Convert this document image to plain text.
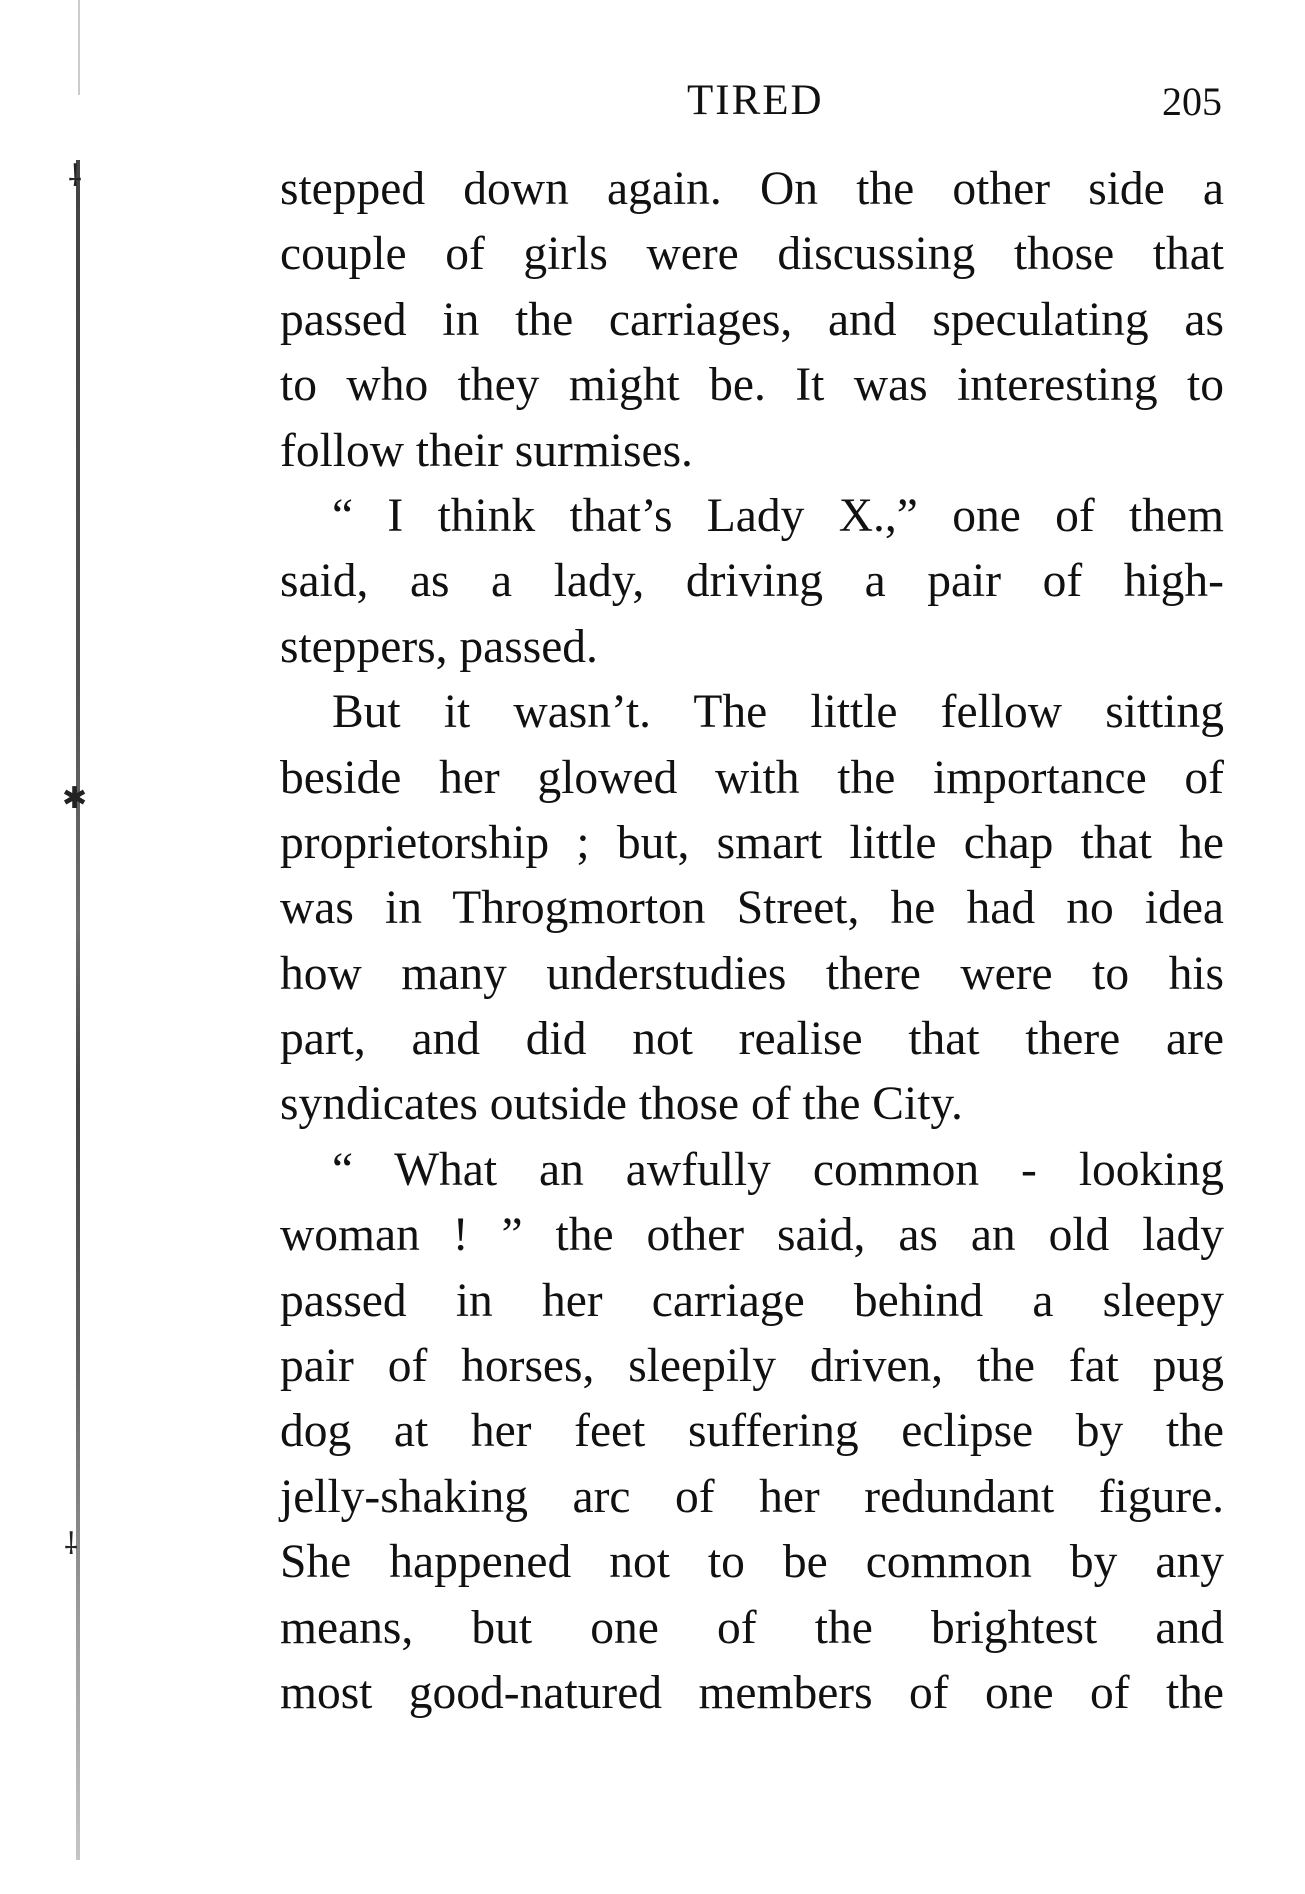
⸸
✱
⸸
TIRED	205
stepped down again. On the other side a
couple of girls were discussing those that
passed in the carriages, and speculating as
to who they might be. It was interesting to
follow their surmises.
“ I think that’s Lady X.,” one of them
said, as a lady, driving a pair of high-
steppers, passed.
But it wasn’t. The little fellow sitting
beside her glowed with the importance of
proprietorship ; but, smart little chap that he
was in Throgmorton Street, he had no idea
how many understudies there were to his
part, and did not realise that there are
syndicates outside those of the City.
“ What an awfully common - looking
woman ! ” the other said, as an old lady
passed in her carriage behind a sleepy
pair of horses, sleepily driven, the fat pug
dog at her feet suffering eclipse by the
jelly-shaking arc of her redundant figure.
She happened not to be common by any
means, but one of the brightest and
most good-natured members of one of the
